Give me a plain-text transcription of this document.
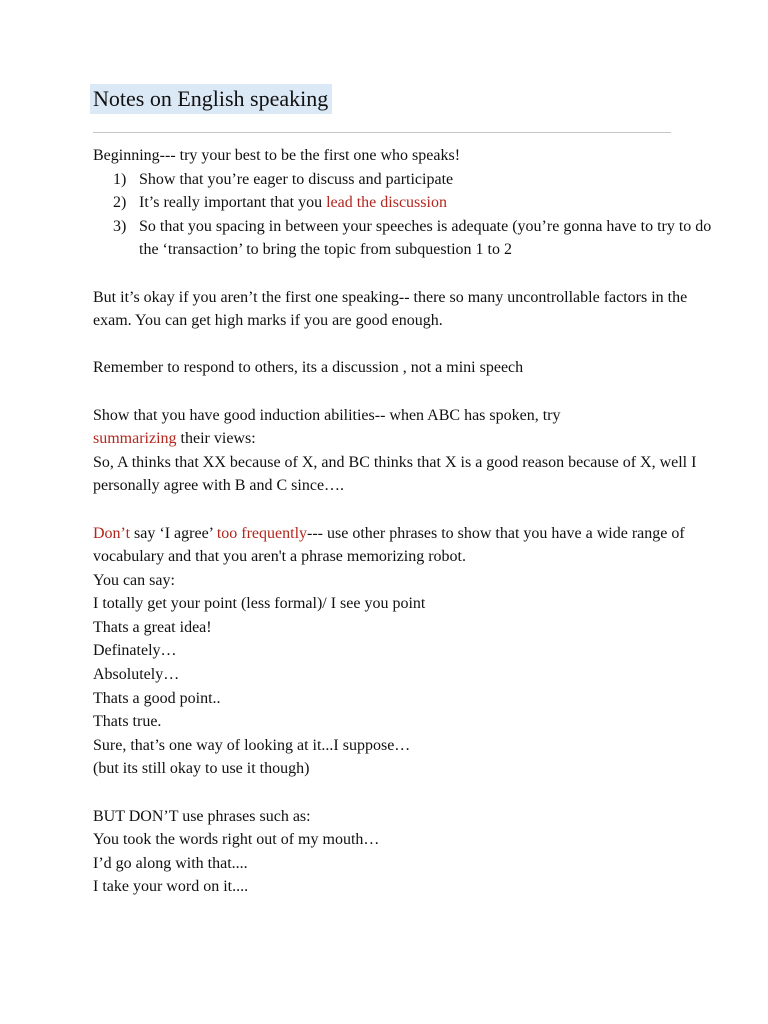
Notes on English speaking

Beginning--- try your best to be the first one who speaks!

1) Show that you’re eager to discuss and participate
2) It’s really important that you lead the discussion
3) So that you spacing in between your speeches is adequate (you’re gonna have to try to do the ‘transaction’ to bring the topic from subquestion 1 to 2

But it’s okay if you aren’t the first one speaking-- there so many uncontrollable factors in the exam. You can get high marks if you are good enough.

Remember to respond to others, its a discussion , not a mini speech

Show that you have good induction abilities-- when ABC has spoken, try
summarizing their views:

So, A thinks that XX because of X, and BC thinks that X is a good reason because of X, well I personally agree with B and C since….

Don’t say ‘I agree’ too frequently--- use other phrases to show that you have a wide range of vocabulary and that you aren't a phrase memorizing robot.

You can say:

I totally get your point (less formal)/ I see you point

Thats a great idea!

Definately…

Absolutely…

Thats a good point..

Thats true.

Sure, that’s one way of looking at it...I suppose…

(but its still okay to use it though)

BUT DON’T use phrases such as:

You took the words right out of my mouth…

I’d go along with that....

I take your word on it....
